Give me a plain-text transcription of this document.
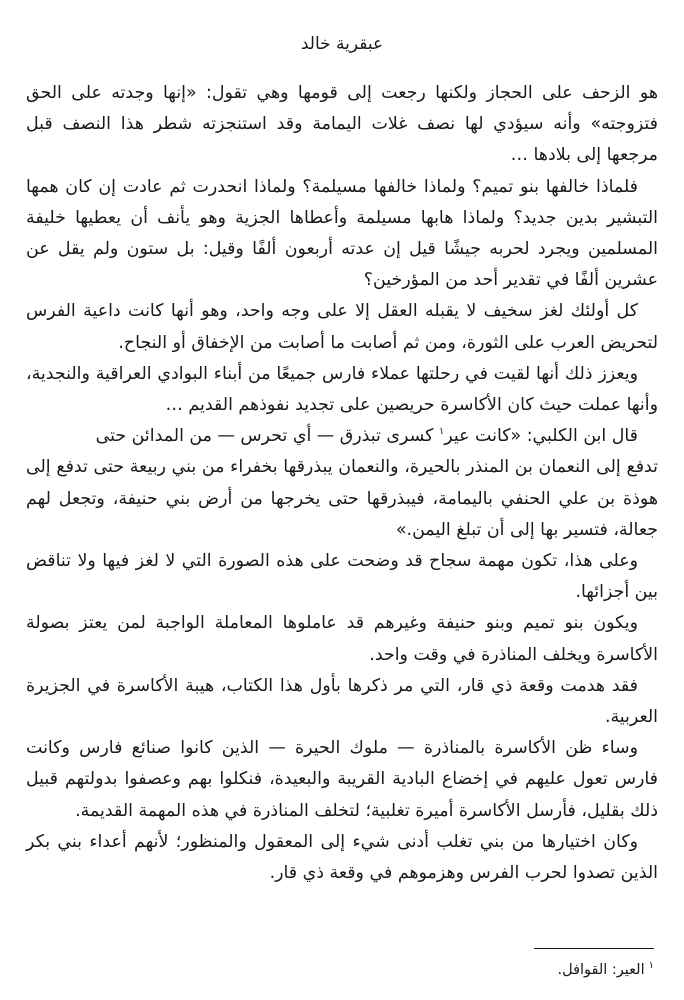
عبقرية خالد

هو الزحف على الحجاز ولكنها رجعت إلى قومها وهي تقول: «إنها وجدته على الحق فتزوجته» وأنه سيؤدي لها نصف غلات اليمامة وقد استنجزته شطر هذا النصف قبل مرجعها إلى بلادها …

فلماذا خالفها بنو تميم؟ ولماذا خالفها مسيلمة؟ ولماذا انحدرت ثم عادت إن كان همها التبشير بدين جديد؟ ولماذا هابها مسيلمة وأعطاها الجزية وهو يأنف أن يعطيها خليفة المسلمين ويجرد لحربه جيشًا قيل إن عدته أربعون ألفًا وقيل: بل ستون ولم يقل عن عشرين ألفًا في تقدير أحد من المؤرخين؟

كل أولئك لغز سخيف لا يقبله العقل إلا على وجه واحد، وهو أنها كانت داعية الفرس لتحريض العرب على الثورة، ومن ثم أصابت ما أصابت من الإخفاق أو النجاح.

ويعزز ذلك أنها لقيت في رحلتها عملاء فارس جميعًا من أبناء البوادي العراقية والنجدية، وأنها عملت حيث كان الأكاسرة حريصين على تجديد نفوذهم القديم …

قال ابن الكلبي: «كانت عير$^١$ كسرى تبذرق — أي تحرس — من المدائن حتى

تدفع إلى النعمان بن المنذر بالحيرة، والنعمان يبذرقها بخفراء من بني ربيعة حتى تدفع إلى هوذة بن علي الحنفي باليمامة، فيبذرقها حتى يخرجها من أرض بني حنيفة، وتجعل لهم جعالة، فتسير بها إلى أن تبلغ اليمن.»

وعلى هذا، تكون مهمة سجاح قد وضحت على هذه الصورة التي لا لغز فيها ولا تناقض بين أجزائها.

ويكون بنو تميم وبنو حنيفة وغيرهم قد عاملوها المعاملة الواجبة لمن يعتز بصولة الأكاسرة ويخلف المناذرة في وقت واحد.

فقد هدمت وقعة ذي قار، التي مر ذكرها بأول هذا الكتاب، هيبة الأكاسرة في الجزيرة العربية.

وساء ظن الأكاسرة بالمناذرة — ملوك الحيرة — الذين كانوا صنائع فارس وكانت فارس تعول عليهم في إخضاع البادية القريبة والبعيدة، فنكلوا بهم وعصفوا بدولتهم قبيل ذلك بقليل، فأرسل الأكاسرة أميرة تغلبية؛ لتخلف المناذرة في هذه المهمة القديمة.

وكان اختيارها من بني تغلب أدنى شيء إلى المعقول والمنظور؛ لأنهم أعداء بني بكر الذين تصدوا لحرب الفرس وهزموهم في وقعة ذي قار.

$^١$العير: القوافل.
